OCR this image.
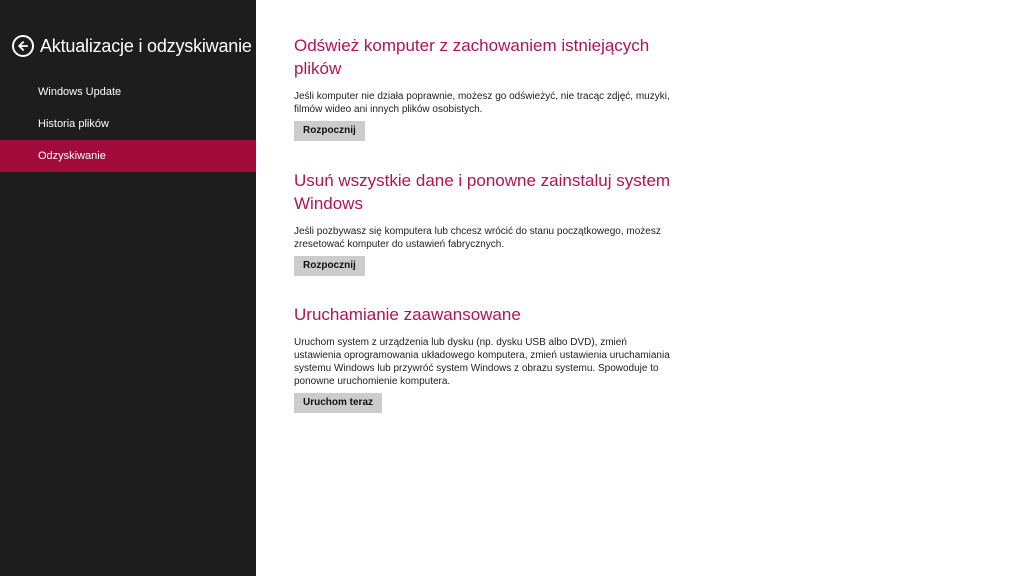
Aktualizacje i odzyskiwanie
Windows Update
Historia plików
Odzyskiwanie
Odśwież komputer z zachowaniem istniejących plików

Jeśli komputer nie działa poprawnie, możesz go odświeżyć, nie tracąc zdjęć, muzyki, filmów wideo ani innych plików osobistych.

Rozpocznij
Usuń wszystkie dane i ponowne zainstaluj system Windows

Jeśli pozbywasz się komputera lub chcesz wrócić do stanu początkowego, możesz zresetować komputer do ustawień fabrycznych.

Rozpocznij
Uruchamianie zaawansowane

Uruchom system z urządzenia lub dysku (np. dysku USB albo DVD), zmień ustawienia oprogramowania układowego komputera, zmień ustawienia uruchamiania systemu Windows lub przywróć system Windows z obrazu systemu. Spowoduje to ponowne uruchomienie komputera.

Uruchom teraz
